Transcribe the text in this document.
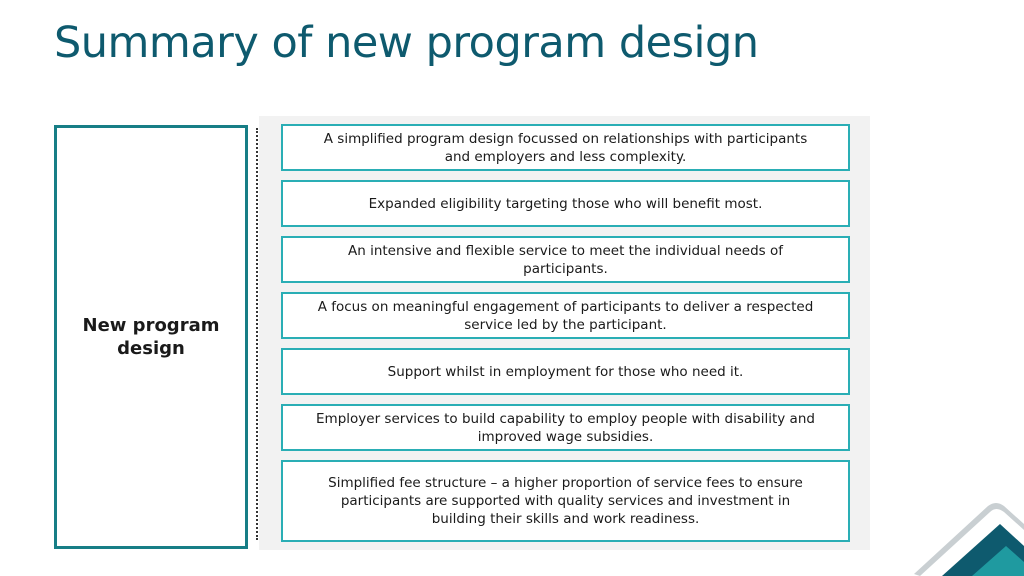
Summary of new program design
New program design
A simplified program design focussed on relationships with participants and employers and less complexity.
Expanded eligibility targeting those who will benefit most.
An intensive and flexible service to meet the individual needs of participants.
A focus on meaningful engagement of participants to deliver a respected service led by the participant.
Support whilst in employment for those who need it.
Employer services to build capability to employ people with disability and improved wage subsidies.
Simplified fee structure – a higher proportion of service fees to ensure participants are supported with quality services and investment in building their skills and work readiness.
